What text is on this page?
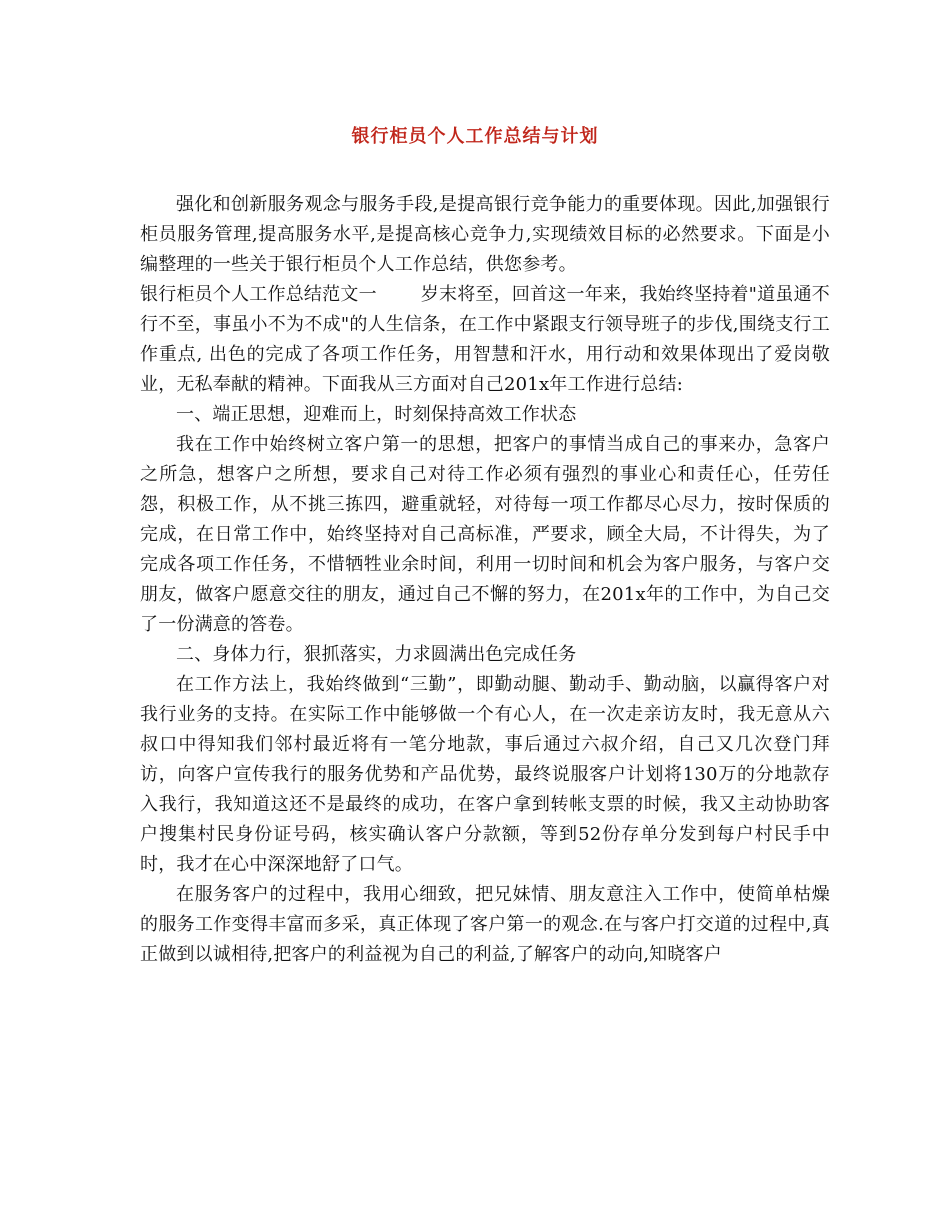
银行柜员个人工作总结与计划

强化和创新服务观念与服务手段,是提高银行竞争能力的重要体现。因此,加强银行柜员服务管理,提高服务水平,是提高核心竞争力,实现绩效目标的必然要求。下面是小编整理的一些关于银行柜员个人工作总结，供您参考。

银行柜员个人工作总结范文一 岁末将至，回首这一年来，我始终坚持着"道虽通不行不至，事虽小不为不成"的人生信条，在工作中紧跟支行领导班子的步伐,围绕支行工作重点, 出色的完成了各项工作任务，用智慧和汗水，用行动和效果体现出了爱岗敬业，无私奉献的精神。下面我从三方面对自己201x年工作进行总结:

一、端正思想，迎难而上，时刻保持高效工作状态

我在工作中始终树立客户第一的思想，把客户的事情当成自己的事来办，急客户之所急，想客户之所想，要求自己对待工作必须有强烈的事业心和责任心，任劳任怨，积极工作，从不挑三拣四，避重就轻，对待每一项工作都尽心尽力，按时保质的完成，在日常工作中，始终坚持对自己高标准，严要求，顾全大局，不计得失，为了完成各项工作任务，不惜牺牲业余时间，利用一切时间和机会为客户服务，与客户交朋友，做客户愿意交往的朋友，通过自己不懈的努力，在201x年的工作中，为自己交了一份满意的答卷。

二、身体力行，狠抓落实，力求圆满出色完成任务

在工作方法上，我始终做到“三勤”，即勤动腿、勤动手、勤动脑，以赢得客户对我行业务的支持。在实际工作中能够做一个有心人，在一次走亲访友时，我无意从六叔口中得知我们邻村最近将有一笔分地款，事后通过六叔介绍，自己又几次登门拜访，向客户宣传我行的服务优势和产品优势，最终说服客户计划将130万的分地款存入我行，我知道这还不是最终的成功，在客户拿到转帐支票的时候，我又主动协助客户搜集村民身份证号码，核实确认客户分款额，等到52份存单分发到每户村民手中时，我才在心中深深地舒了口气。

在服务客户的过程中，我用心细致，把兄妹情、朋友意注入工作中，使简单枯燥的服务工作变得丰富而多采，真正体现了客户第一的观念.在与客户打交道的过程中,真正做到以诚相待,把客户的利益视为自己的利益,了解客户的动向,知晓客户
